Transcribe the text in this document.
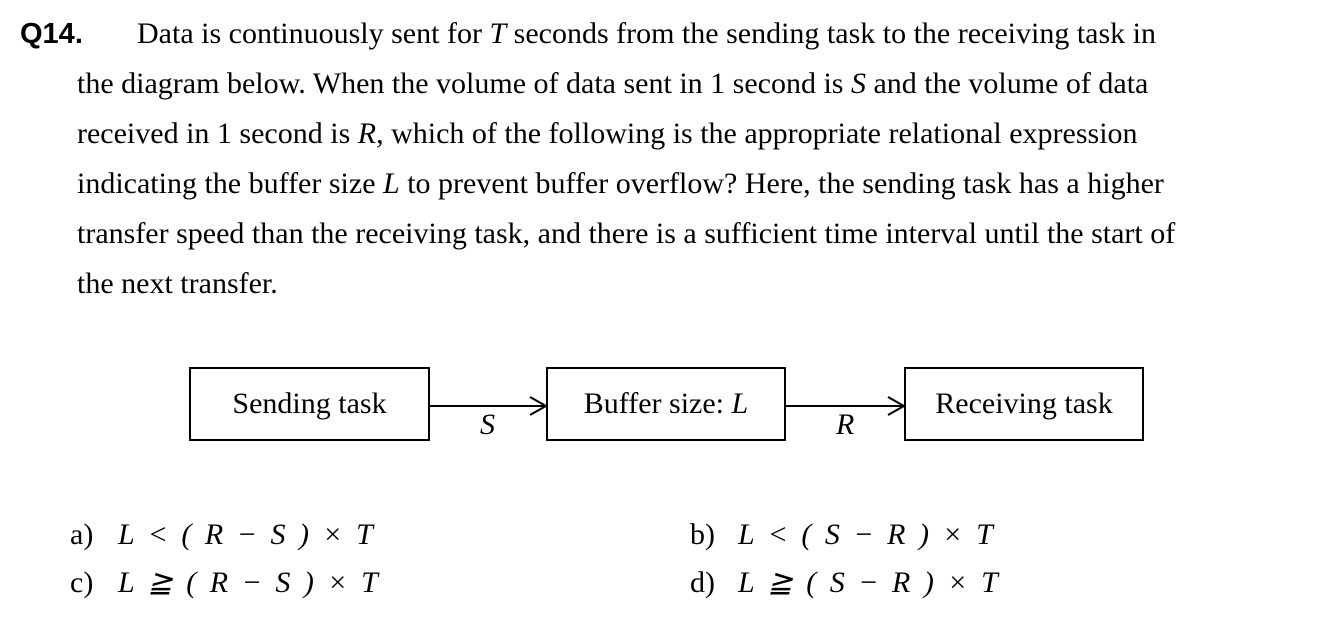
Q14. Data is continuously sent for T seconds from the sending task to the receiving task in
the diagram below. When the volume of data sent in 1 second is S and the volume of data
received in 1 second is R, which of the following is the appropriate relational expression
indicating the buffer size L to prevent buffer overflow? Here, the sending task has a higher
transfer speed than the receiving task, and there is a sufficient time interval until the start of
the next transfer.
Sending task	Buffer size: L	Receiving task
S	R
a) L < ( R − S ) × T	b) L < ( S − R ) × T
c) L ≧ ( R − S ) × T	d) L ≧ ( S − R ) × T
